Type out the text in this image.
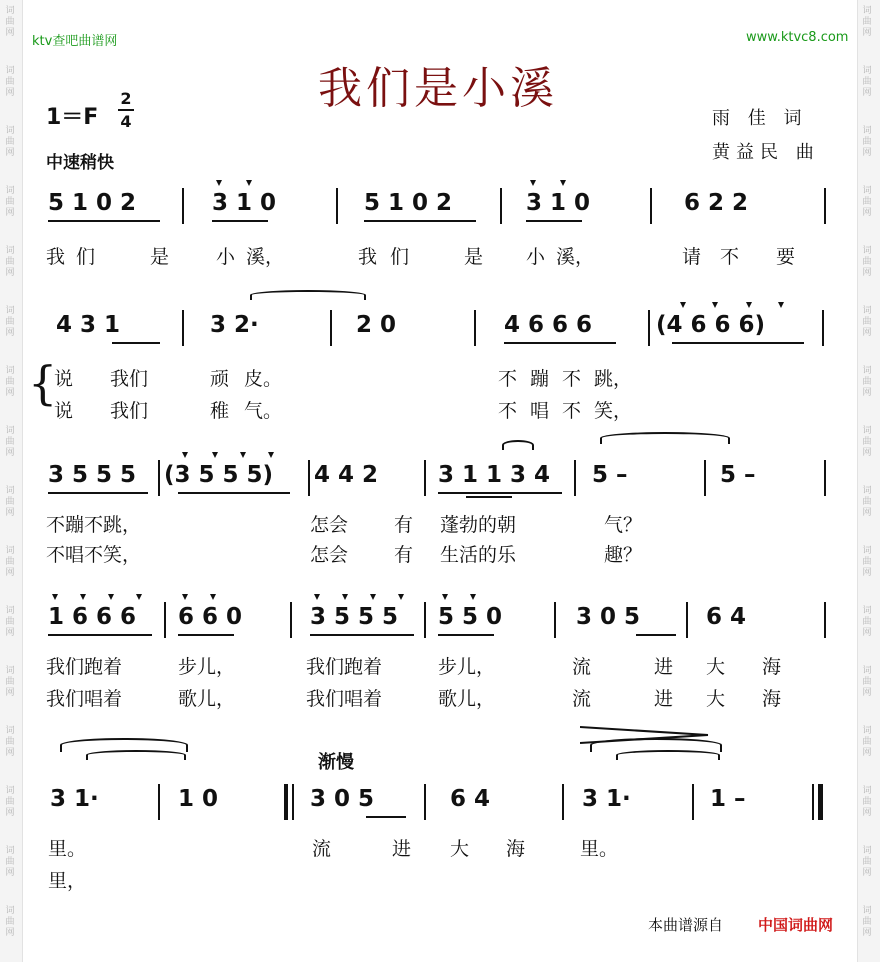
词
曲
网
词
曲
网
词
曲
网
词
曲
网
词
曲
网
词
曲
网
词
曲
网
词
曲
网
词
曲
网
词
曲
网
词
曲
网
词
曲
网
词
曲
网
词
曲
网
词
曲
网
词
曲
网
词
曲
网
词
曲
网
词
曲
网
词
曲
网
词
曲
网
词
曲
网
词
曲
网
词
曲
网
词
曲
网
词
曲
网
词
曲
网
词
曲
网
词
曲
网
词
曲
网
词
曲
网
词
曲
网
ktv查吧曲谱网	www.ktvc8.com
我们是小溪
1＝F
2
4
中速稍快
雨 佳 词
黄益民 曲
5 1 0 2	3 1 0	5 1 0 2	3 1 0	6 2 2
我 们	是 小 溪，	我 们	是 小 溪，	请 不 要
4 3 1	3 2·	2 0	4 6 6 6	(4 6 6 6)
{
说 我们	顽 皮。	不 蹦 不 跳，
说 我们	稚 气。	不 唱 不 笑，
3 5 5 5 (3 5 5 5) 4 4 2	3 1 1 3 4 5 –	5 –
不蹦不跳，	怎会 有 蓬勃的朝	气？
不唱不笑，	怎会 有 生活的乐	趣？
1 6 6 6 6 6 0	3 5 5 5 5 5 0	3 0 5	6 4
我们跑着	步儿，	我们跑着	步儿，	流	进 大 海
我们唱着	歌儿，	我们唱着	歌儿，	流	进 大 海
渐慢
3 1·	1 0	3 0 5	6 4	3 1·	1 –
里。	流	进 大 海	里。
里，
本曲谱源自 中国词曲网
